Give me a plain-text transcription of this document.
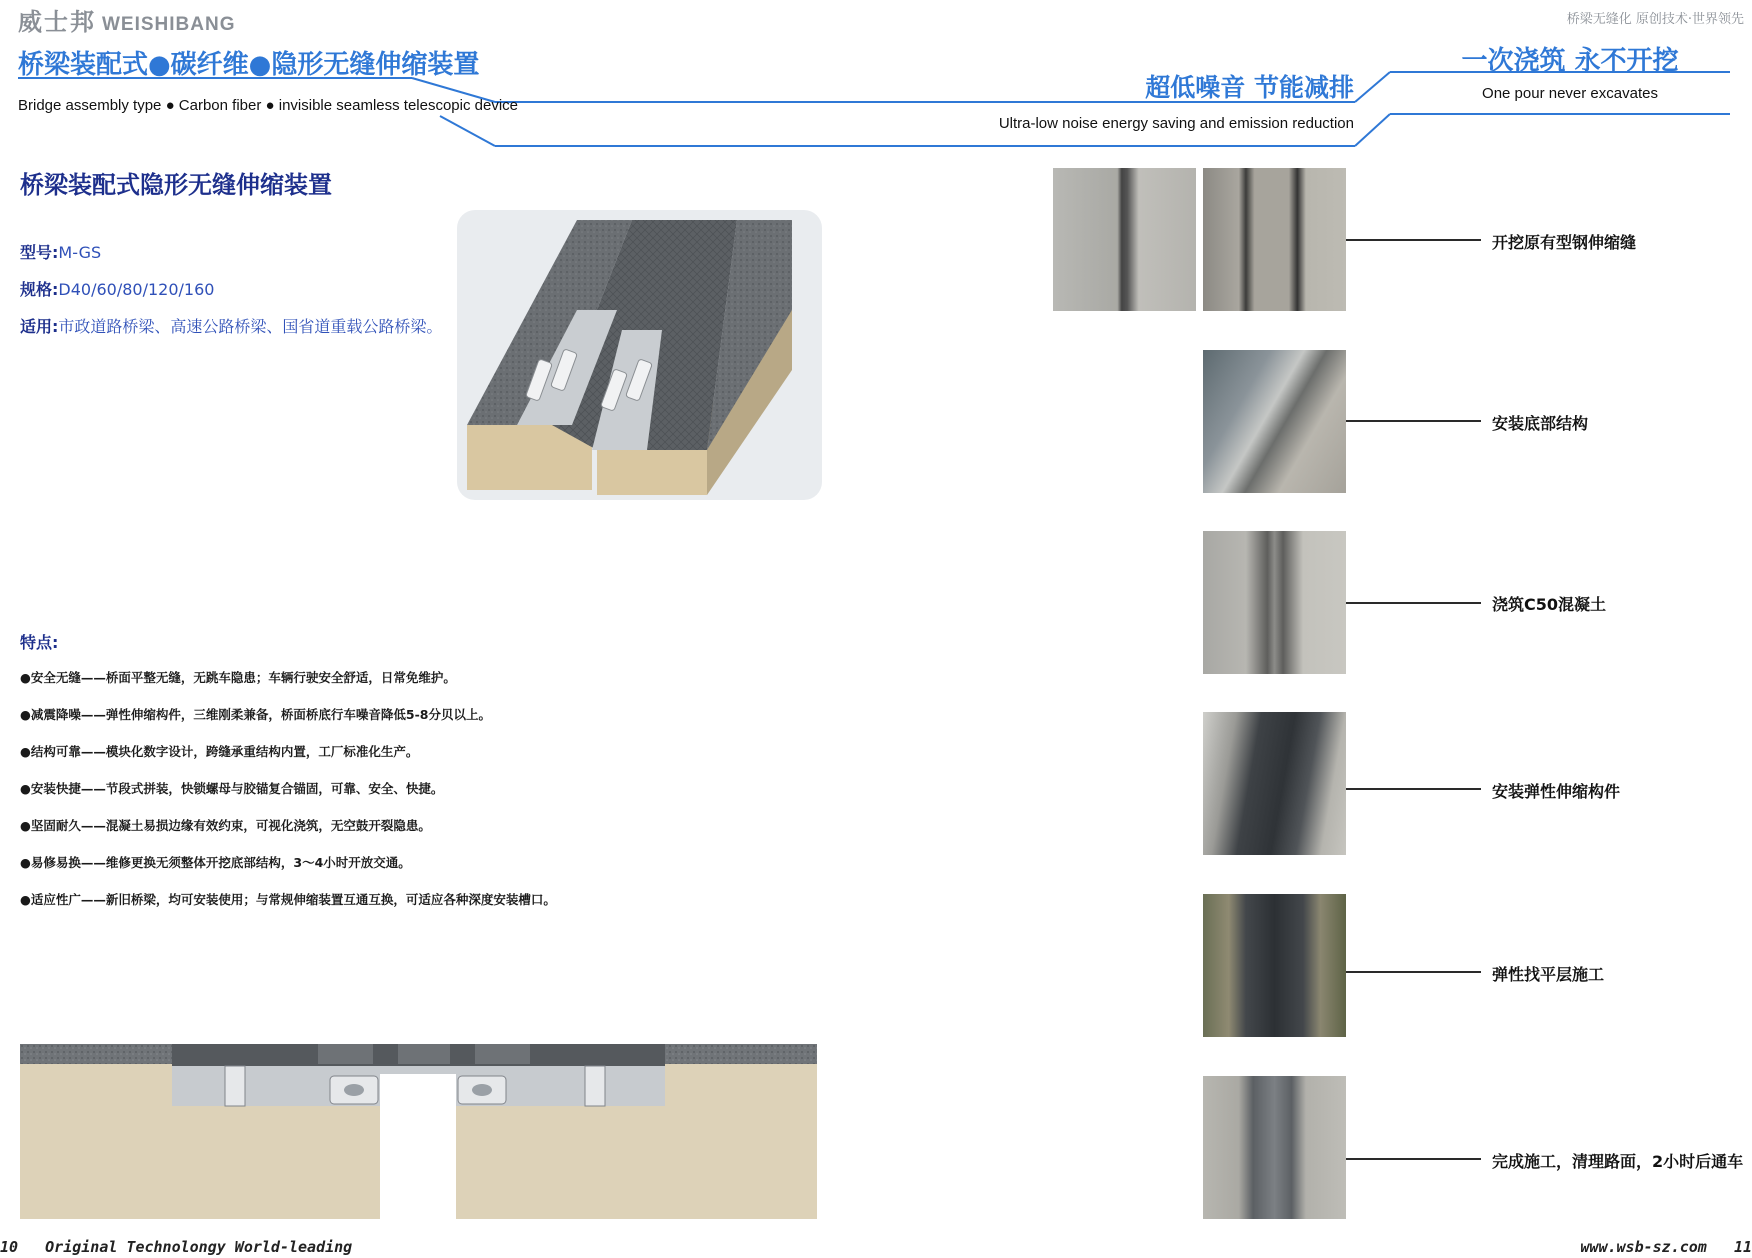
威士邦 WEISHIBANG	桥梁无缝化 原创技术·世界领先
桥梁装配式●碳纤维●隐形无缝伸缩装置
Bridge assembly type ● Carbon fiber ● invisible seamless telescopic device
超低噪音 节能减排
Ultra-low noise energy saving and emission reduction
一次浇筑 永不开挖
One pour never excavates
桥梁装配式隐形无缝伸缩装置
型号:M-GS
规格:D40/60/80/120/160
适用:市政道路桥梁、高速公路桥梁、国省道重载公路桥梁。
特点:
●安全无缝——桥面平整无缝，无跳车隐患；车辆行驶安全舒适，日常免维护。
●减震降噪——弹性伸缩构件，三维刚柔兼备，桥面桥底行车噪音降低5-8分贝以上。
●结构可靠——模块化数字设计，跨缝承重结构内置，工厂标准化生产。
●安装快捷——节段式拼装，快锁螺母与胶锚复合锚固，可靠、安全、快捷。
●坚固耐久——混凝土易损边缘有效约束，可视化浇筑，无空鼓开裂隐患。
●易修易换——维修更换无须整体开挖底部结构，3～4小时开放交通。
●适应性广——新旧桥梁，均可安装使用；与常规伸缩装置互通互换，可适应各种深度安装槽口。
开挖原有型钢伸缩缝
安装底部结构
浇筑C50混凝土
安装弹性伸缩构件
弹性找平层施工
完成施工，清理路面，2小时后通车
10 Original Technolongy World-leading	www.wsb-sz.com 11
